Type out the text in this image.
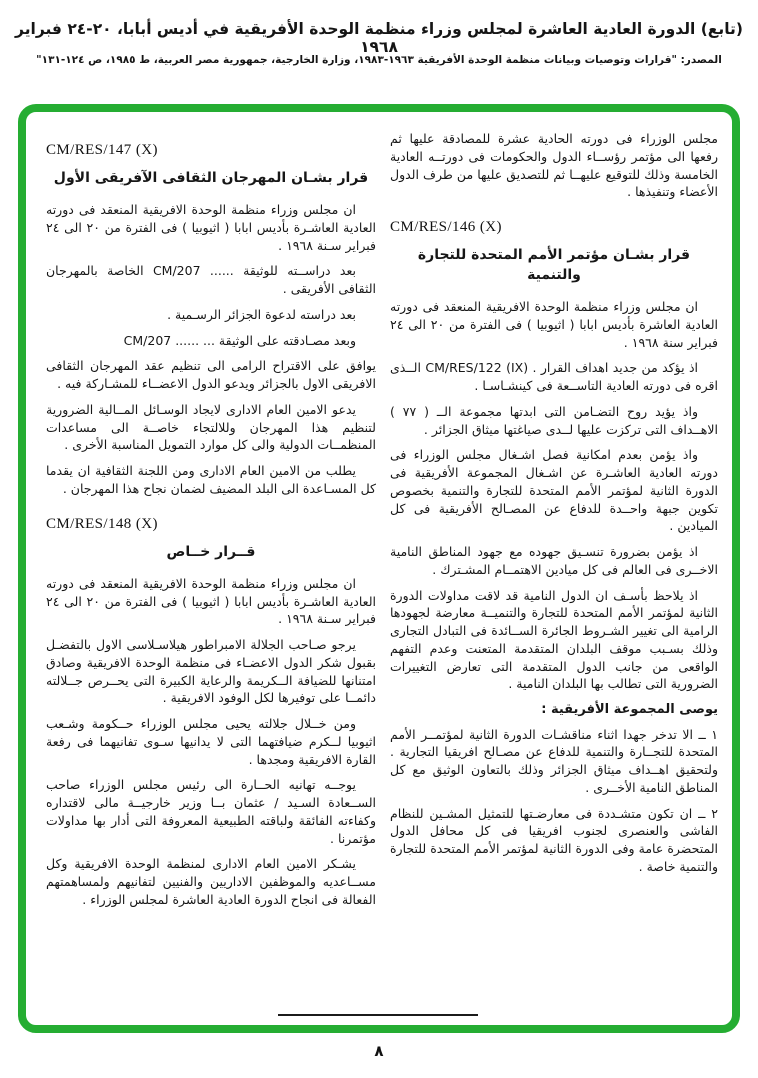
(تابع) الدورة العادية العاشرة لمجلس وزراء منظمة الوحدة الأفريقية في أديس أبابا، ٢٠-٢٤ فبراير ١٩٦٨
المصدر: "قرارات وتوصيات وبيانات منظمة الوحدة الأفريقية ١٩٦٣-١٩٨٣، وزارة الخارجية، جمهورية مصر العربية، ط ١٩٨٥، ص ١٢٤-١٣١"

مجلس الوزراء فى دورته الحادية عشرة للمصادقة عليها ثم رفعها الى مؤتمر رؤســاء الدول والحكومات فى دورتــه العادية الخامسة وذلك للتوقيع عليهــا ثم للتصديق عليها من طرف الدول الأعضاء وتنفيذها .

CM/RES/146 (X)
قرار بشـان مؤتمر الأمم المتحدة للتجارة والتنمية

ان مجلس وزراء منظمة الوحدة الافريقية المنعقد فى دورته العادية العاشرة بأديس ابابا ( اثيوبيا ) فى الفترة من ٢٠ الى ٢٤ فبراير سنة ١٩٦٨ .

اذ يؤكد من جديد اهداف القرار . CM/RES/122 (IX) الــذى اقره فى دورته العادية التاســعة فى كينشـاسـا .

واذ يؤيد روح التضـامن التى ابدتها مجموعة الــ ( ٧٧ ) الاهــداف التى تركزت عليها لــدى صياغتها ميثاق الجزائر .

واذ يؤمن بعدم امكانية فصل اشـغال مجلس الوزراء فى دورته العادية العاشـرة عن اشـغال المجموعة الأفريقية فى الدورة الثانية لمؤتمر الأمم المتحدة للتجارة والتنمية بخصوص تكوين جبهة واحــدة للدفاع عن المصـالح الأفريقية فى كل الميادين .

اذ يؤمن بضرورة تنسـيق جهوده مع جهود المناطق النامية الاخــرى فى العالم فى كل ميادين الاهتمــام المشـترك .

اذ يلاحظ بأسـف ان الدول النامية قد لاقت مداولات الدورة الثانية لمؤتمر الأمم المتحدة للتجارة والتنميــة معارضة لجهودها الرامية الى تغيير الشـروط الجائرة الســائدة فى التبادل التجارى وذلك بسـبب موقف البلدان المتقدمة المتعنت وعدم التفهم الواقعى من جانب الدول المتقدمة التى تعارض التغييرات الضرورية التى تطالب بها البلدان النامية .

يوصى المجموعة الأفريقية :

١ ــ الا تدخر جهدا اثناء مناقشـات الدورة الثانية لمؤتمــر الأمم المتحدة للتجــارة والتنمية للدفاع عن مصـالح افريقيا التجارية . ولتحقيق اهــداف ميثاق الجزائر وذلك بالتعاون الوثيق مع كل المناطق النامية الأخــرى .

٢ ــ ان تكون متشـددة فى معارضـتها للتمثيل المشـين للنظام الفاشى والعنصرى لجنوب افريقيا فى كل محافل الدول المتحضرة عامة وفى الدورة الثانية لمؤتمر الأمم المتحدة للتجارة والتنمية خاصة .

CM/RES/147 (X)
قرار بشـان المهرجان الثقافى الآفريقى الأول

ان مجلس وزراء منظمة الوحدة الافريقية المنعقد فى دورته العادية العاشـرة بأديس ابابا ( اثيوبيا ) فى الفترة من ٢٠ الى ٢٤ فبراير سـنة ١٩٦٨ .

بعد دراســته للوثيقة ...... CM/207 الخاصة بالمهرجان الثقافى الأفريقى .

بعد دراسته لدعوة الجزائر الرسـمية .

وبعد مصـادقته على الوثيقة ... ...... CM/207

يوافق على الاقتراح الرامى الى تنظيم عقد المهرجان الثقافى الافريقى الاول بالجزائر ويدعو الدول الاعضــاء للمشـاركة فيه .

يدعو الامين العام الادارى لايجاد الوسـائل المــالية الضرورية لتنظيم هذا المهرجان وللالتجاء خاصــة الى مساعدات المنظمــات الدولية والى كل موارد التمويل المناسبة الأخرى .

يطلب من الامين العام الادارى ومن اللجنة الثقافية ان يقدما كل المسـاعدة الى البلد المضيف لضمان نجاح هذا المهرجان .

CM/RES/148 (X)
قــرار خــاص

ان مجلس وزراء منظمة الوحدة الافريقية المنعقد فى دورته العادية العاشـرة بأديس ابابا ( اثيوبيا ) فى الفترة من ٢٠ الى ٢٤ فبراير سـنة ١٩٦٨ .

يرجو صـاحب الجلالة الامبراطور هيلاسـلاسى الاول بالتفضـل بقبول شكر الدول الاعضـاء فى منظمة الوحدة الافريقية وصادق امتنانها للضيافة الــكريمة والرعاية الكبيرة التى يحــرص جــلالته دائمــا على توفيرها لكل الوفود الافريقية .

ومن خــلال جلالته يحيى مجلس الوزراء حــكومة وشـعب اثيوبيا لــكرم ضيافتهما التى لا يدانيها سـوى تفانيهما فى رفعة القارة الافريقية ومجدها .

يوجــه تهانيه الحــارة الى رئيس مجلس الوزراء صاحب الســعادة السـيد / عثمان بــا وزير خارجيــة مالى لاقتداره وكفاءته الفائقة ولباقته الطبيعية المعروفة التى أدار بها مداولات مؤتمرنا .

يشـكر الامين العام الادارى لمنظمة الوحدة الافريقية وكل مســاعديه والموظفين الاداريين والفنيين لتفانيهم ولمساهمتهم الفعالة فى انجاح الدورة العادية العاشرة لمجلس الوزراء .

٨
